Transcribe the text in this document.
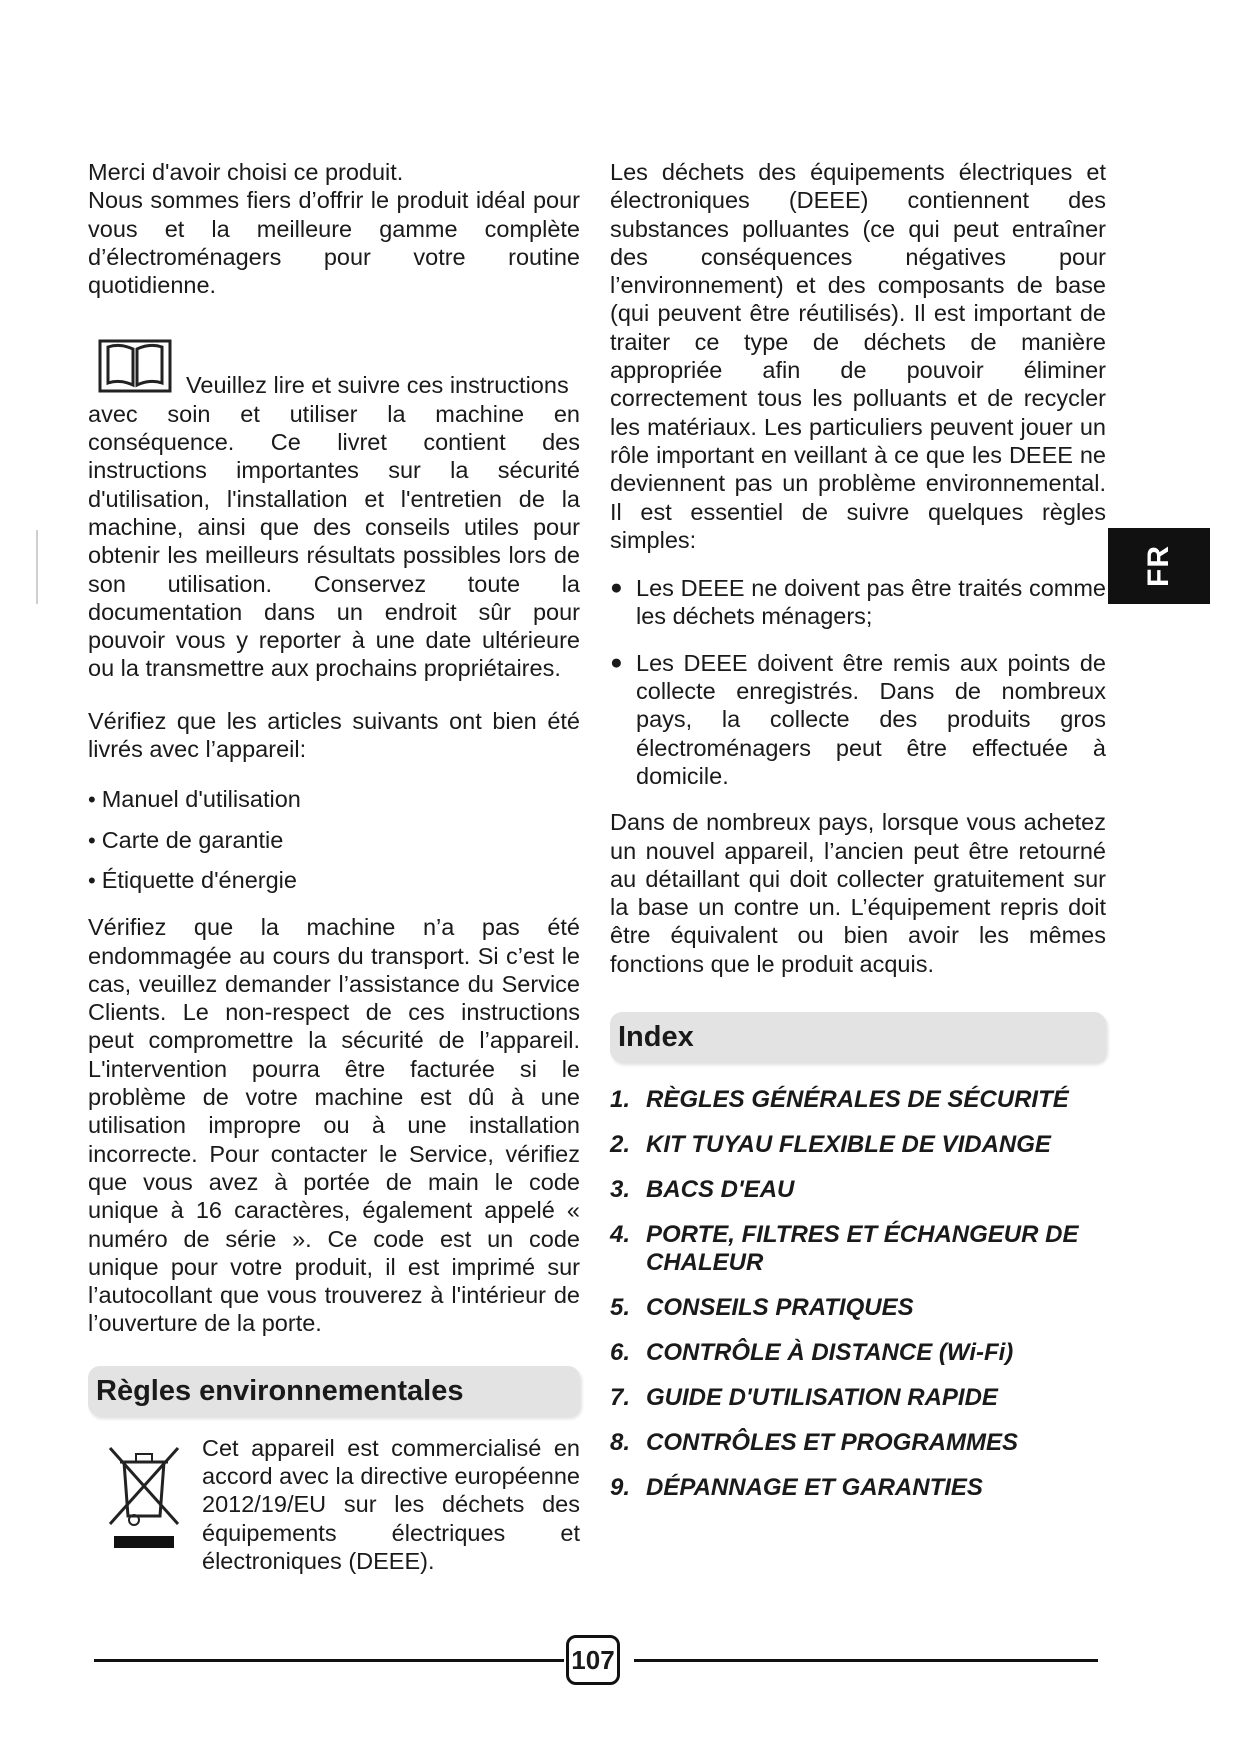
Merci d'avoir choisi ce produit.

Nous sommes fiers d’offrir le produit idéal pour vous et la meilleure gamme complète d’électroménagers pour votre routine quotidienne.

Veuillez lire et suivre ces instructions

avec soin et utiliser la machine en conséquence. Ce livret contient des instructions importantes sur la sécurité d'utilisation, l'installation et l'entretien de la machine, ainsi que des conseils utiles pour obtenir les meilleurs résultats possibles lors de son utilisation. Conservez toute la documentation dans un endroit sûr pour pouvoir vous y reporter à une date ultérieure ou la transmettre aux prochains propriétaires.

Vérifiez que les articles suivants ont bien été livrés avec l’appareil:

• Manuel d'utilisation
• Carte de garantie
• Étiquette d'énergie

Vérifiez que la machine n’a pas été endommagée au cours du transport. Si c’est le cas, veuillez demander l’assistance du Service Clients. Le non-respect de ces instructions peut compromettre la sécurité de l’appareil. L'intervention pourra être facturée si le problème de votre machine est dû à une utilisation impropre ou à une installation incorrecte. Pour contacter le Service, vérifiez que vous avez à portée de main le code unique à 16 caractères, également appelé « numéro de série ». Ce code est un code unique pour votre produit, il est imprimé sur l’autocollant que vous trouverez à l'intérieur de l’ouverture de la porte.

Règles environnementales

Cet appareil est commercialisé en accord avec la directive européenne 2012/19/EU sur les déchets des équipements électriques et électroniques (DEEE).

Les déchets des équipements électriques et électroniques (DEEE) contiennent des substances polluantes (ce qui peut entraîner des conséquences négatives pour l’environnement) et des composants de base (qui peuvent être réutilisés). Il est important de traiter ce type de déchets de manière appropriée afin de pouvoir éliminer correctement tous les polluants et de recycler les matériaux. Les particuliers peuvent jouer un rôle important en veillant à ce que les DEEE ne deviennent pas un problème environnemental. Il est essentiel de suivre quelques règles simples:

● Les DEEE ne doivent pas être traités comme les déchets ménagers;
● Les DEEE doivent être remis aux points de collecte enregistrés. Dans de nombreux pays, la collecte des produits gros électroménagers peut être effectuée à domicile.

Dans de nombreux pays, lorsque vous achetez un nouvel appareil, l’ancien peut être retourné au détaillant qui doit collecter gratuitement sur la base un contre un. L’équipement repris doit être équivalent ou bien avoir les mêmes fonctions que le produit acquis.

Index
1. RÈGLES GÉNÉRALES DE SÉCURITÉ
2. KIT TUYAU FLEXIBLE DE VIDANGE
3. BACS D'EAU
4. PORTE, FILTRES ET ÉCHANGEUR DE CHALEUR
5. CONSEILS PRATIQUES
6. CONTRÔLE À DISTANCE (Wi-Fi)
7. GUIDE D'UTILISATION RAPIDE
8. CONTRÔLES ET PROGRAMMES
9. DÉPANNAGE ET GARANTIES
FR
107
